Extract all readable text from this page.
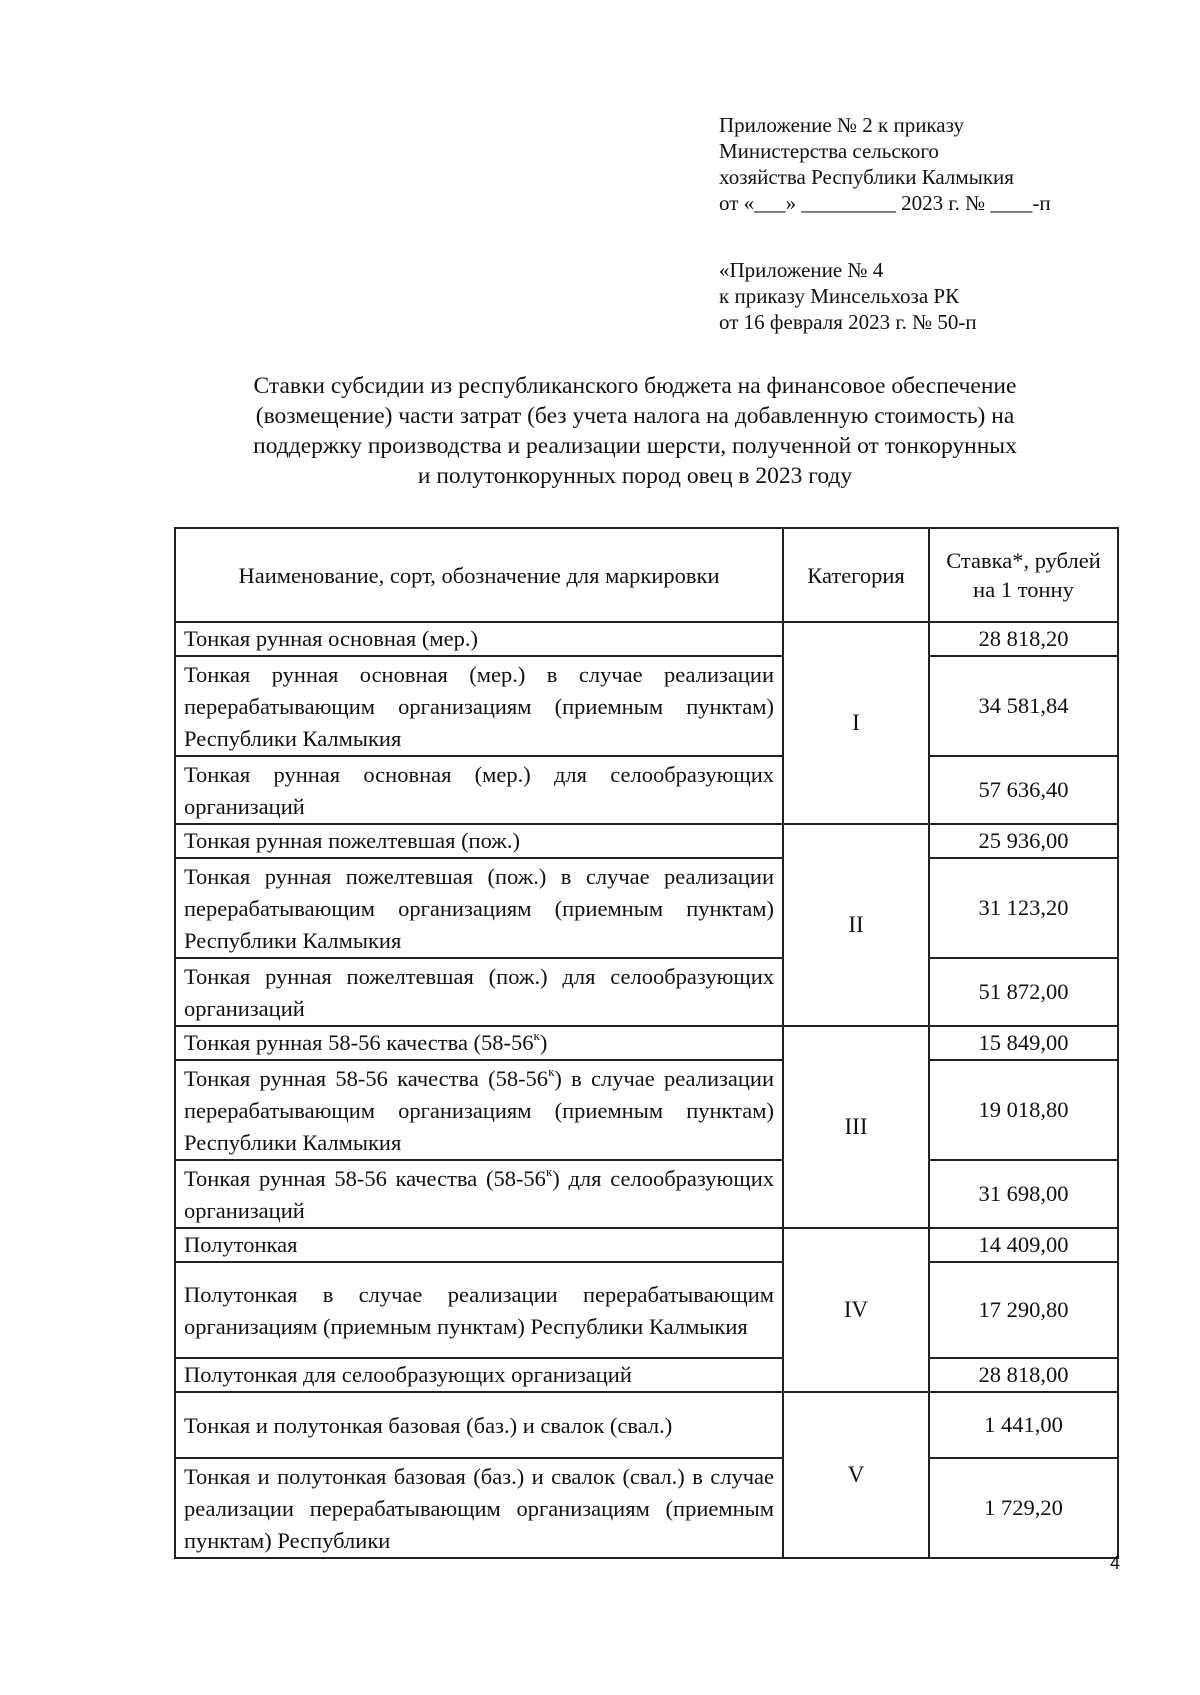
Приложение № 2 к приказу
Министерства сельского
хозяйства Республики Калмыкия
от «___» _________ 2023 г. № ____-п
«Приложение № 4
к приказу Минсельхоза РК
от 16 февраля 2023 г. № 50-п
Ставки субсидии из республиканского бюджета на финансовое обеспечение
(возмещение) части затрат (без учета налога на добавленную стоимость) на
поддержку производства и реализации шерсти, полученной от тонкорунных
и полутонкорунных пород овец в 2023 году
Наименование, сорт, обозначение для маркировки	Категория	Ставка*, рублей на 1 тонну

Тонкая рунная основная (мер.)	I	28 818,20
Тонкая рунная основная (мер.) в случае реализации перерабатывающим организациям (приемным пунктам) Республики Калмыкия		34 581,84
Тонкая рунная основная (мер.) для селообразующих организаций		57 636,40
Тонкая рунная пожелтевшая (пож.)	II	25 936,00
Тонкая рунная пожелтевшая (пож.) в случае реализации перерабатывающим организациям (приемным пунктам) Республики Калмыкия		31 123,20
Тонкая рунная пожелтевшая (пож.) для селообразующих организаций		51 872,00
Тонкая рунная 58-56 качества $(58-56^к)$	III	15 849,00
Тонкая рунная 58-56 качества $(58-56^к)$ в случае реализации перерабатывающим организациям (приемным пунктам) Республики Калмыкия		19 018,80
Тонкая рунная 58-56 качества $(58-56^к)$ для селообразующих организаций		31 698,00
Полутонкая	IV	14 409,00
Полутонкая в случае реализации перерабатывающим организациям (приемным пунктам) Республики Калмыкия		17 290,80
Полутонкая для селообразующих организаций		28 818,00
Тонкая и полутонкая базовая (баз.) и свалок (свал.)	V	1 441,00
Тонкая и полутонкая базовая (баз.) и свалок (свал.) в случае реализации перерабатывающим организациям (приемным пунктам) Республики		1 729,20
4
